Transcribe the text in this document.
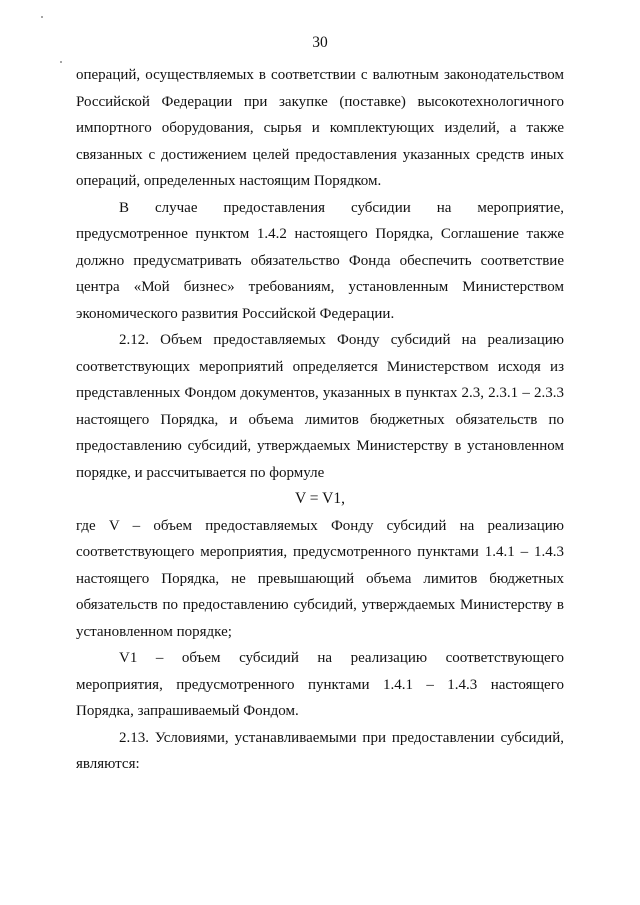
30

операций, осуществляемых в соответствии с валютным законодательством Российской Федерации при закупке (поставке) высокотехнологичного импортного оборудования, сырья и комплектующих изделий, а также связанных с достижением целей предоставления указанных средств иных операций, определенных настоящим Порядком.

В случае предоставления субсидии на мероприятие, предусмотренное пунктом 1.4.2 настоящего Порядка, Соглашение также должно предусматривать обязательство Фонда обеспечить соответствие центра «Мой бизнес» требованиям, установленным Министерством экономического развития Российской Федерации.

2.12. Объем предоставляемых Фонду субсидий на реализацию соответствующих мероприятий определяется Министерством исходя из представленных Фондом документов, указанных в пунктах 2.3, 2.3.1 – 2.3.3 настоящего Порядка, и объема лимитов бюджетных обязательств по предоставлению субсидий, утверждаемых Министерству в установленном порядке, и рассчитывается по формуле

V = V1,

где V – объем предоставляемых Фонду субсидий на реализацию соответствующего мероприятия, предусмотренного пунктами 1.4.1 – 1.4.3 настоящего Порядка, не превышающий объема лимитов бюджетных обязательств по предоставлению субсидий, утверждаемых Министерству в установленном порядке;

V1 – объем субсидий на реализацию соответствующего мероприятия, предусмотренного пунктами 1.4.1 – 1.4.3 настоящего Порядка, запрашиваемый Фондом.

2.13. Условиями, устанавливаемыми при предоставлении субсидий, являются:
